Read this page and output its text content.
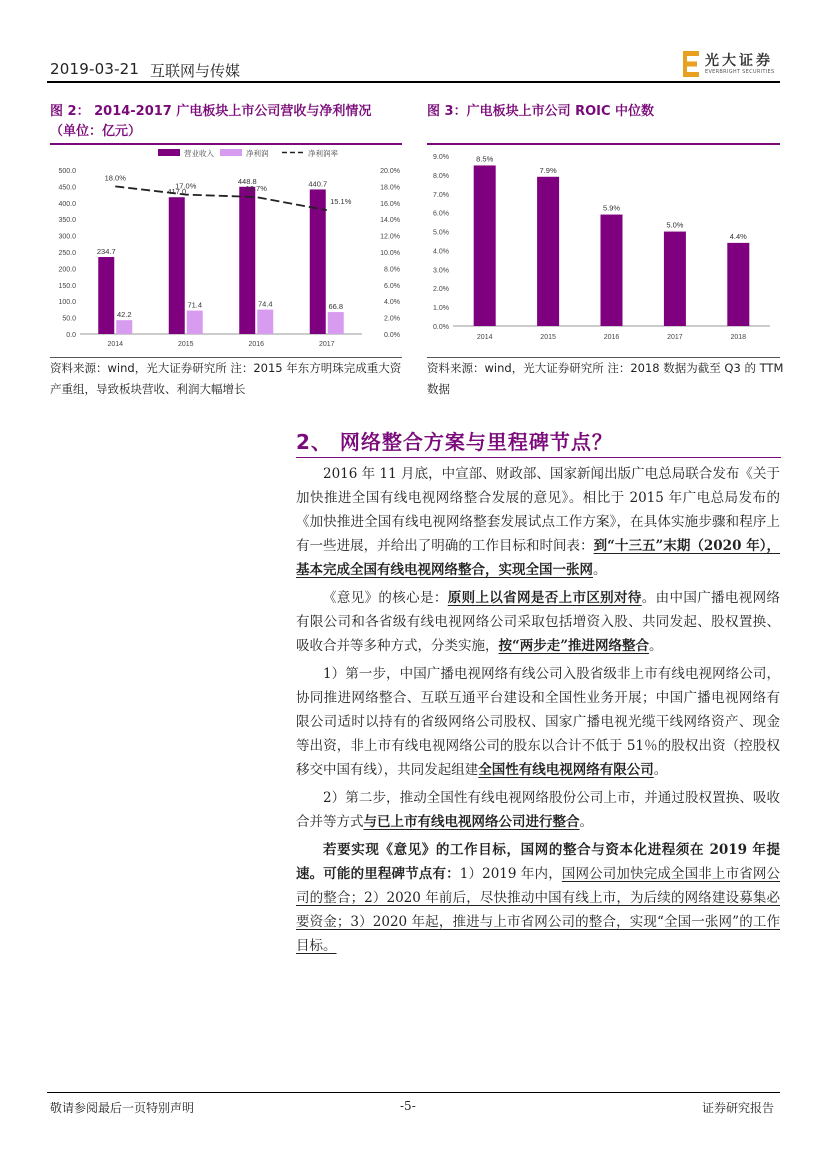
2019-03-21 互联网与传媒
光大证券
EVERBRIGHT SECURITIES
图 2： 2014-2017 广电板块上市公司营收与净利情况
（单位：亿元）
营业收入	净利润	净利润率
0.0
50.0
100.0
150.0
200.0
250.0
300.0
350.0
400.0
450.0
500.0
0.0%
2.0%
4.0%
6.0%
8.0%
10.0%
12.0%
14.0%
16.0%
18.0%
20.0%
234.7
42.2
2014
417.0
71.4
2015
448.8
74.4
2016
440.7
66.8
2017
18.0%
17.0%	16.7%
15.1%
资料来源：wind，光大证券研究所 注：2015 年东方明珠完成重大资产重组，导致板块营收、利润大幅增长
图 3：广电板块上市公司 ROIC 中位数
0.0%
1.0%
2.0%
3.0%
4.0%
5.0%
6.0%
7.0%
8.0%
9.0%	8.5%
2014
7.9%
2015
5.9%
2016
5.0%
2017
4.4%
2018
资料来源：wind，光大证券研究所 注：2018 数据为截至 Q3 的 TTM 数据
2、 网络整合方案与里程碑节点？

2016 年 11 月底，中宣部、财政部、国家新闻出版广电总局联合发布《关于加快推进全国有线电视网络整合发展的意见》。相比于 2015 年广电总局发布的《加快推进全国有线电视网络整套发展试点工作方案》，在具体实施步骤和程序上有一些进展，并给出了明确的工作目标和时间表：到“十三五”末期（2020 年），基本完成全国有线电视网络整合，实现全国一张网。

《意见》的核心是：原则上以省网是否上市区别对待。由中国广播电视网络有限公司和各省级有线电视网络公司采取包括增资入股、共同发起、股权置换、吸收合并等多种方式，分类实施，按“两步走”推进网络整合。

1）第一步，中国广播电视网络有线公司入股省级非上市有线电视网络公司，协同推进网络整合、互联互通平台建设和全国性业务开展；中国广播电视网络有限公司适时以持有的省级网络公司股权、国家广播电视光缆干线网络资产、现金等出资，非上市有线电视网络公司的股东以合计不低于 51％的股权出资（控股权移交中国有线），共同发起组建全国性有线电视网络有限公司。

2）第二步，推动全国性有线电视网络股份公司上市，并通过股权置换、吸收合并等方式与已上市有线电视网络公司进行整合。

若要实现《意见》的工作目标，国网的整合与资本化进程须在 2019 年提速。可能的里程碑节点有：1）2019 年内，国网公司加快完成全国非上市省网公司的整合；2）2020 年前后，尽快推动中国有线上市，为后续的网络建设募集必要资金；3）2020 年起，推进与上市省网公司的整合，实现“全国一张网”的工作目标。

敬请参阅最后一页特别声明	-5-	证券研究报告
